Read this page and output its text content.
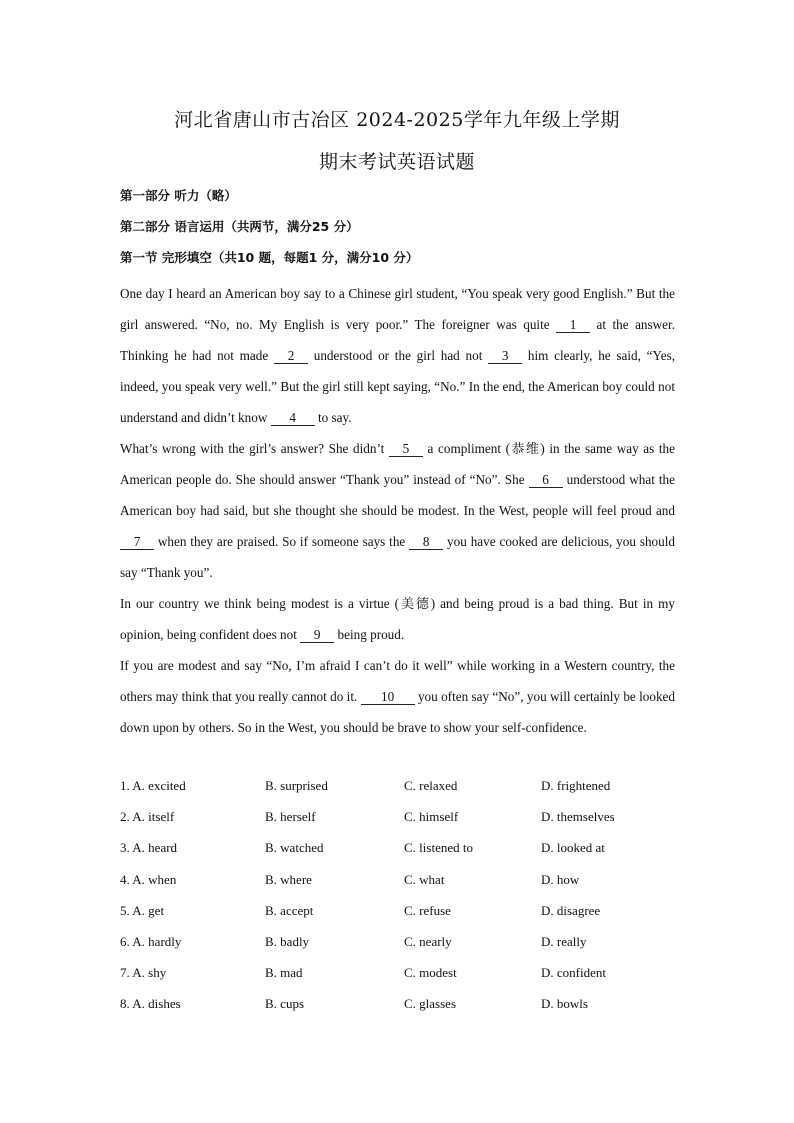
河北省唐山市古冶区 2024-2025学年九年级上学期
期末考试英语试题
第一部分 听力（略）
第二部分 语言运用（共两节，满分25 分）
第一节 完形填空（共10 题，每题1 分，满分10 分）

One day I heard an American boy say to a Chinese girl student, “You speak very good English.” But the girl answered. “No, no. My English is very poor.” The foreigner was quite 1 at the answer. Thinking he had not made 2 understood or the girl had not 3 him clearly, he said, “Yes, indeed, you speak very well.” But the girl still kept saying, “No.” In the end, the American boy could not understand and didn’t know 4 to say.

What’s wrong with the girl’s answer? She didn’t 5 a compliment (恭维) in the same way as the American people do. She should answer “Thank you” instead of “No”. She 6 understood what the American boy had said, but she thought she should be modest. In the West, people will feel proud and 7 when they are praised. So if someone says the 8 you have cooked are delicious, you should say “Thank you”.

In our country we think being modest is a virtue (美德) and being proud is a bad thing. But in my opinion, being confident does not 9 being proud.

If you are modest and say “No, I’m afraid I can’t do it well” while working in a Western country, the others may think that you really cannot do it. 10 you often say “No”, you will certainly be looked down upon by others. So in the West, you should be brave to show your self-confidence.

1. A. excited	B. surprised	C. relaxed	D. frightened
2. A. itself	B. herself	C. himself	D. themselves
3. A. heard	B. watched	C. listened to	D. looked at
4. A. when	B. where	C. what	D. how
5. A. get	B. accept	C. refuse	D. disagree
6. A. hardly	B. badly	C. nearly	D. really
7. A. shy	B. mad	C. modest	D. confident
8. A. dishes	B. cups	C. glasses	D. bowls
